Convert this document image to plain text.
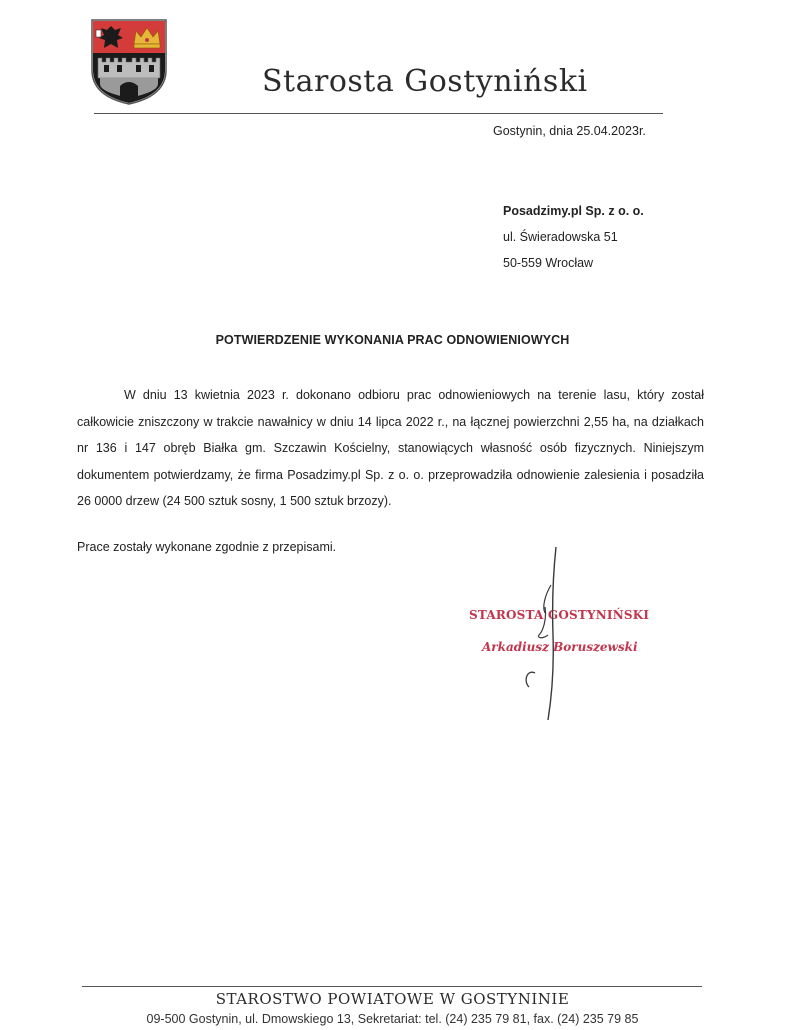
Starosta Gostyniński
Gostynin, dnia 25.04.2023r.
Posadzimy.pl Sp. z o. o.
ul. Świeradowska 51
50-559 Wrocław
POTWIERDZENIE WYKONANIA PRAC ODNOWIENIOWYCH

W dniu 13 kwietnia 2023 r. dokonano odbioru prac odnowieniowych na terenie lasu, który został całkowicie zniszczony w trakcie nawałnicy w dniu 14 lipca 2022 r., na łącznej powierzchni 2,55 ha, na działkach nr 136 i 147 obręb Białka gm. Szczawin Kościelny, stanowiących własność osób fizycznych. Niniejszym dokumentem potwierdzamy, że firma Posadzimy.pl Sp. z o. o. przeprowadziła odnowienie zalesienia i posadziła 26 0000 drzew (24 500 sztuk sosny, 1 500 sztuk brzozy).

Prace zostały wykonane zgodnie z przepisami.
STAROSTA GOSTYNIŃSKI
Arkadiusz Boruszewski
STAROSTWO POWIATOWE W GOSTYNINIE
09-500 Gostynin, ul. Dmowskiego 13, Sekretariat: tel. (24) 235 79 81, fax. (24) 235 79 85
